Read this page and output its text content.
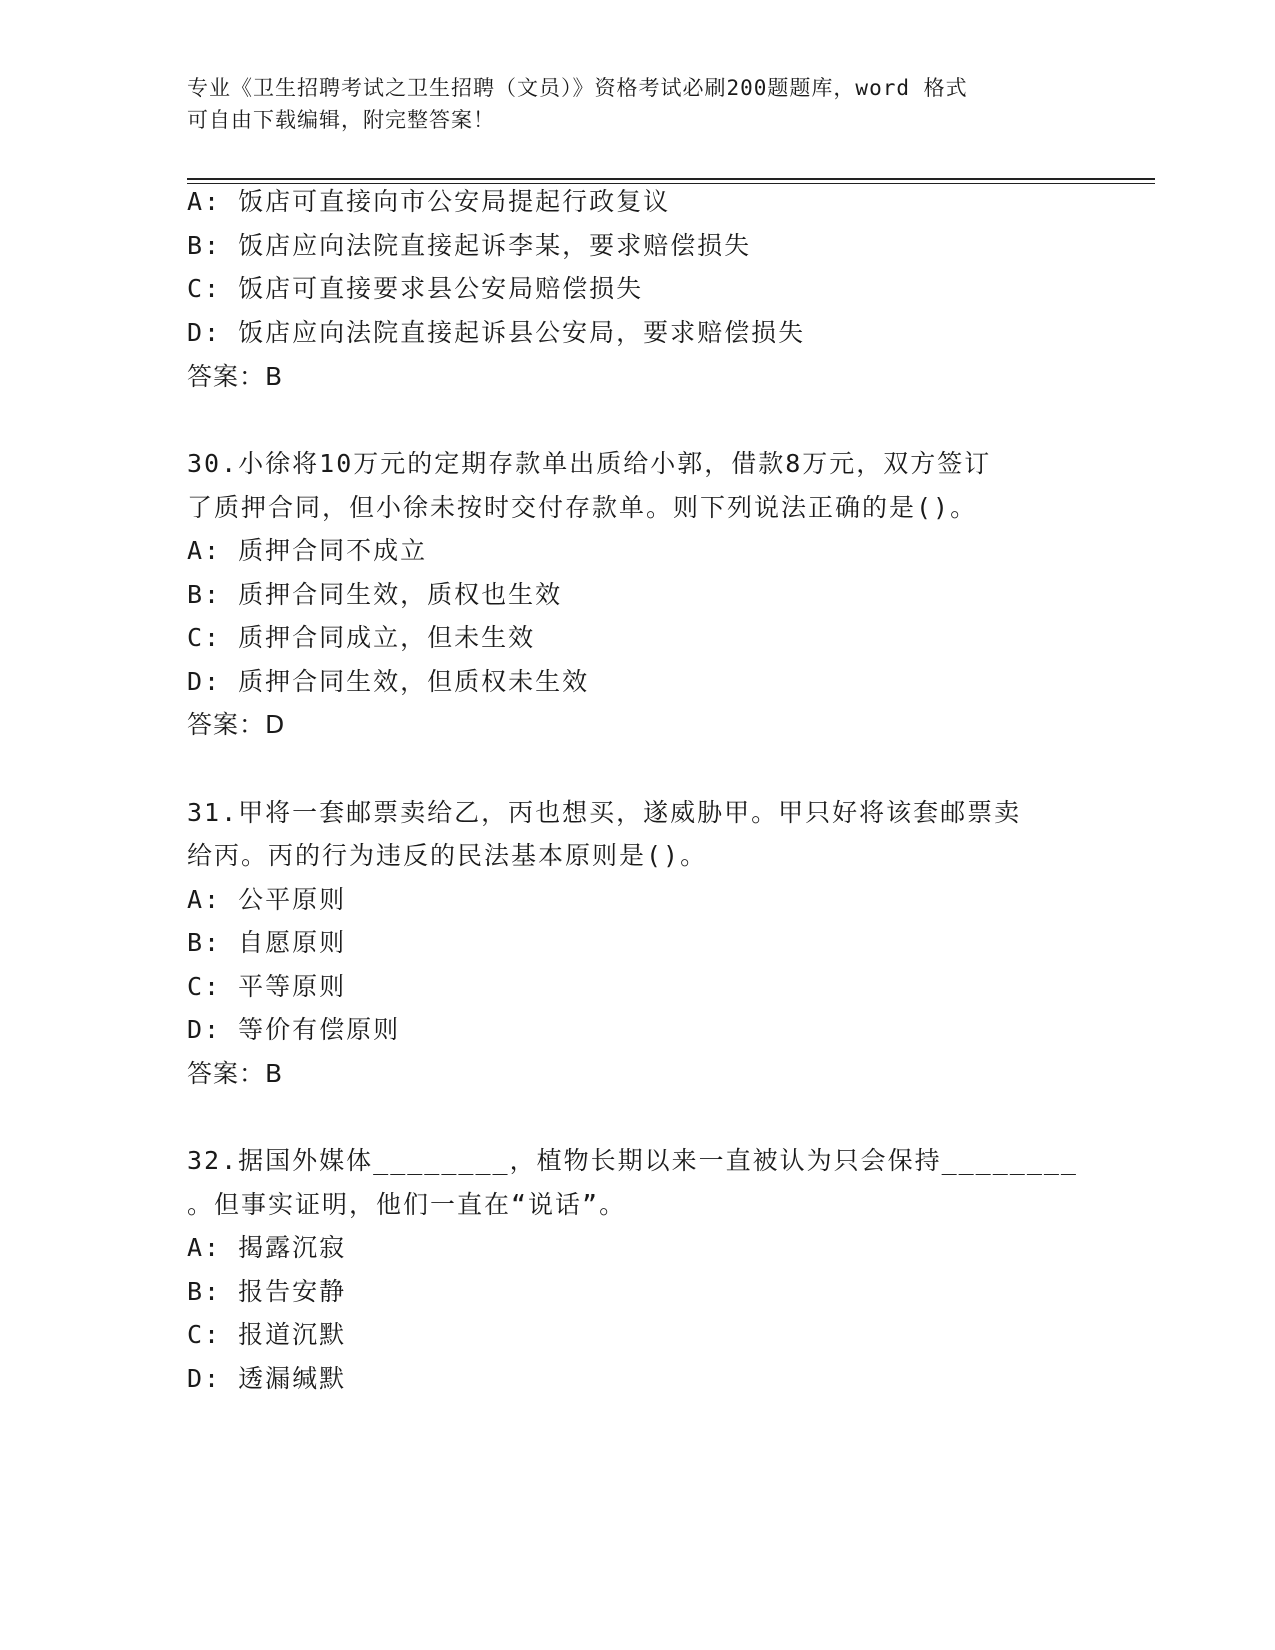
专业《卫生招聘考试之卫生招聘（文员）》资格考试必刷200题题库，word 格式
可自由下载编辑，附完整答案！
A: 饭店可直接向市公安局提起行政复议
B: 饭店应向法院直接起诉李某，要求赔偿损失
C: 饭店可直接要求县公安局赔偿损失
D: 饭店应向法院直接起诉县公安局，要求赔偿损失
答案：B
30.小徐将10万元的定期存款单出质给小郭，借款8万元，双方签订
了质押合同，但小徐未按时交付存款单。则下列说法正确的是()。
A: 质押合同不成立
B: 质押合同生效，质权也生效
C: 质押合同成立，但未生效
D: 质押合同生效，但质权未生效
答案：D
31.甲将一套邮票卖给乙，丙也想买，遂威胁甲。甲只好将该套邮票卖
给丙。丙的行为违反的民法基本原则是()。
A: 公平原则
B: 自愿原则
C: 平等原则
D: 等价有偿原则
答案：B
32.据国外媒体________，植物长期以来一直被认为只会保持________
。但事实证明，他们一直在“说话”。
A: 揭露沉寂
B: 报告安静
C: 报道沉默
D: 透漏缄默
